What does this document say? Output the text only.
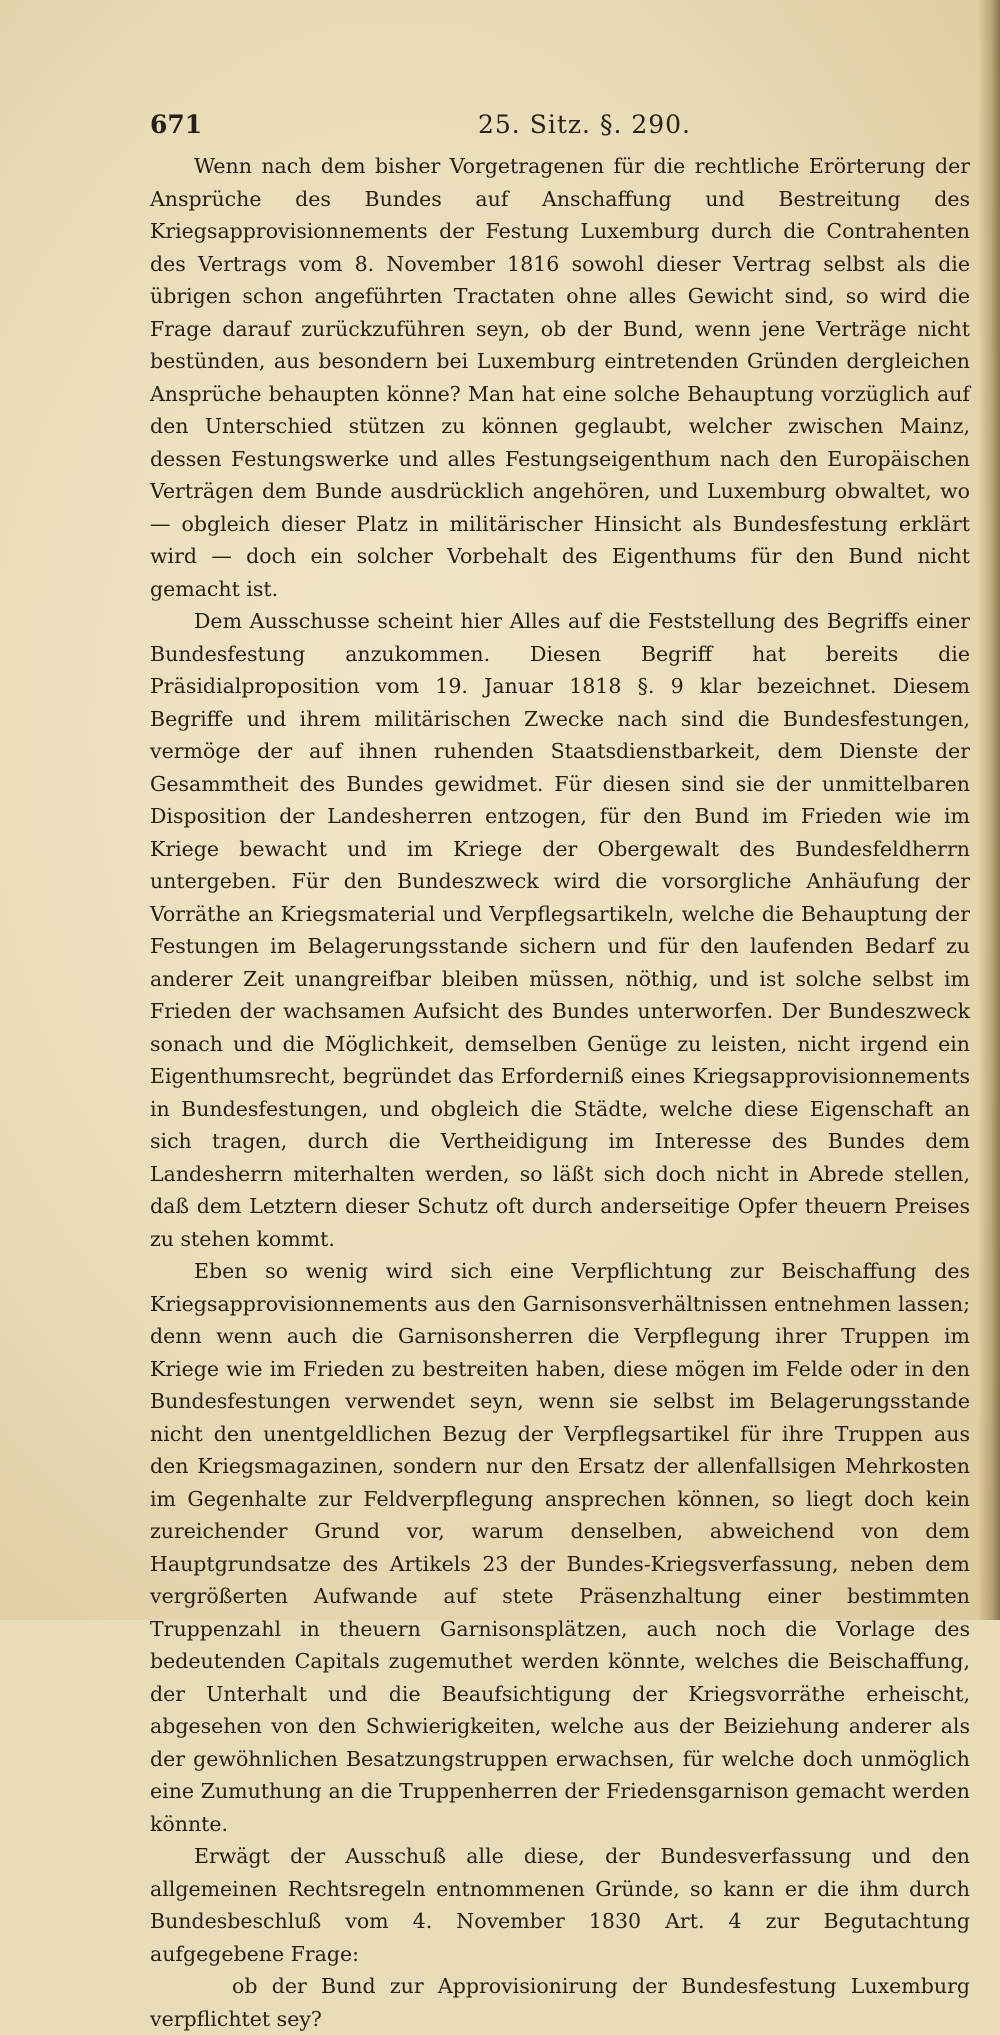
671	25. Sitz. §. 290.

Wenn nach dem bisher Vorgetragenen für die rechtliche Erörterung der Ansprüche des Bundes auf Anschaffung und Bestreitung des Kriegsapprovisionnements der Festung Luxemburg durch die Contrahenten des Vertrags vom 8. November 1816 sowohl dieser Vertrag selbst als die übrigen schon angeführten Tractaten ohne alles Gewicht sind, so wird die Frage darauf zurückzuführen seyn, ob der Bund, wenn jene Verträge nicht bestünden, aus besondern bei Luxemburg eintretenden Gründen dergleichen Ansprüche behaupten könne? Man hat eine solche Behauptung vorzüglich auf den Unterschied stützen zu können geglaubt, welcher zwischen Mainz, dessen Festungswerke und alles Festungseigenthum nach den Europäischen Verträgen dem Bunde ausdrücklich angehören, und Luxemburg obwaltet, wo — obgleich dieser Platz in militärischer Hinsicht als Bundesfestung erklärt wird — doch ein solcher Vorbehalt des Eigenthums für den Bund nicht gemacht ist.

Dem Ausschusse scheint hier Alles auf die Feststellung des Begriffs einer Bundesfestung anzukommen. Diesen Begriff hat bereits die Präsidialproposition vom 19. Januar 1818 §. 9 klar bezeichnet. Diesem Begriffe und ihrem militärischen Zwecke nach sind die Bundesfestungen, vermöge der auf ihnen ruhenden Staatsdienstbarkeit, dem Dienste der Gesammtheit des Bundes gewidmet. Für diesen sind sie der unmittelbaren Disposition der Landesherren entzogen, für den Bund im Frieden wie im Kriege bewacht und im Kriege der Obergewalt des Bundesfeldherrn untergeben. Für den Bundeszweck wird die vorsorgliche Anhäufung der Vorräthe an Kriegsmaterial und Verpflegsartikeln, welche die Behauptung der Festungen im Belagerungsstande sichern und für den laufenden Bedarf zu anderer Zeit unangreifbar bleiben müssen, nöthig, und ist solche selbst im Frieden der wachsamen Aufsicht des Bundes unterworfen. Der Bundeszweck sonach und die Möglichkeit, demselben Genüge zu leisten, nicht irgend ein Eigenthumsrecht, begründet das Erforderniß eines Kriegsapprovisionnements in Bundesfestungen, und obgleich die Städte, welche diese Eigenschaft an sich tragen, durch die Vertheidigung im Interesse des Bundes dem Landesherrn miterhalten werden, so läßt sich doch nicht in Abrede stellen, daß dem Letztern dieser Schutz oft durch anderseitige Opfer theuern Preises zu stehen kommt.

Eben so wenig wird sich eine Verpflichtung zur Beischaffung des Kriegsapprovisionnements aus den Garnisonsverhältnissen entnehmen lassen; denn wenn auch die Garnisonsherren die Verpflegung ihrer Truppen im Kriege wie im Frieden zu bestreiten haben, diese mögen im Felde oder in den Bundesfestungen verwendet seyn, wenn sie selbst im Belagerungsstande nicht den unentgeldlichen Bezug der Verpflegsartikel für ihre Truppen aus den Kriegsmagazinen, sondern nur den Ersatz der allenfallsigen Mehrkosten im Gegenhalte zur Feldverpflegung ansprechen können, so liegt doch kein zureichender Grund vor, warum denselben, abweichend von dem Hauptgrundsatze des Artikels 23 der Bundes-Kriegsverfassung, neben dem vergrößerten Aufwande auf stete Präsenzhaltung einer bestimmten Truppenzahl in theuern Garnisonsplätzen, auch noch die Vorlage des bedeutenden Capitals zugemuthet werden könnte, welches die Beischaffung, der Unterhalt und die Beaufsichtigung der Kriegsvorräthe erheischt, abgesehen von den Schwierigkeiten, welche aus der Beiziehung anderer als der gewöhnlichen Besatzungstruppen erwachsen, für welche doch unmöglich eine Zumuthung an die Truppenherren der Friedensgarnison gemacht werden könnte.

Erwägt der Ausschuß alle diese, der Bundesverfassung und den allgemeinen Rechtsregeln entnommenen Gründe, so kann er die ihm durch Bundesbeschluß vom 4. November 1830 Art. 4 zur Begutachtung aufgegebene Frage:

ob der Bund zur Approvisionirung der Bundesfestung Luxemburg verpflichtet sey?
